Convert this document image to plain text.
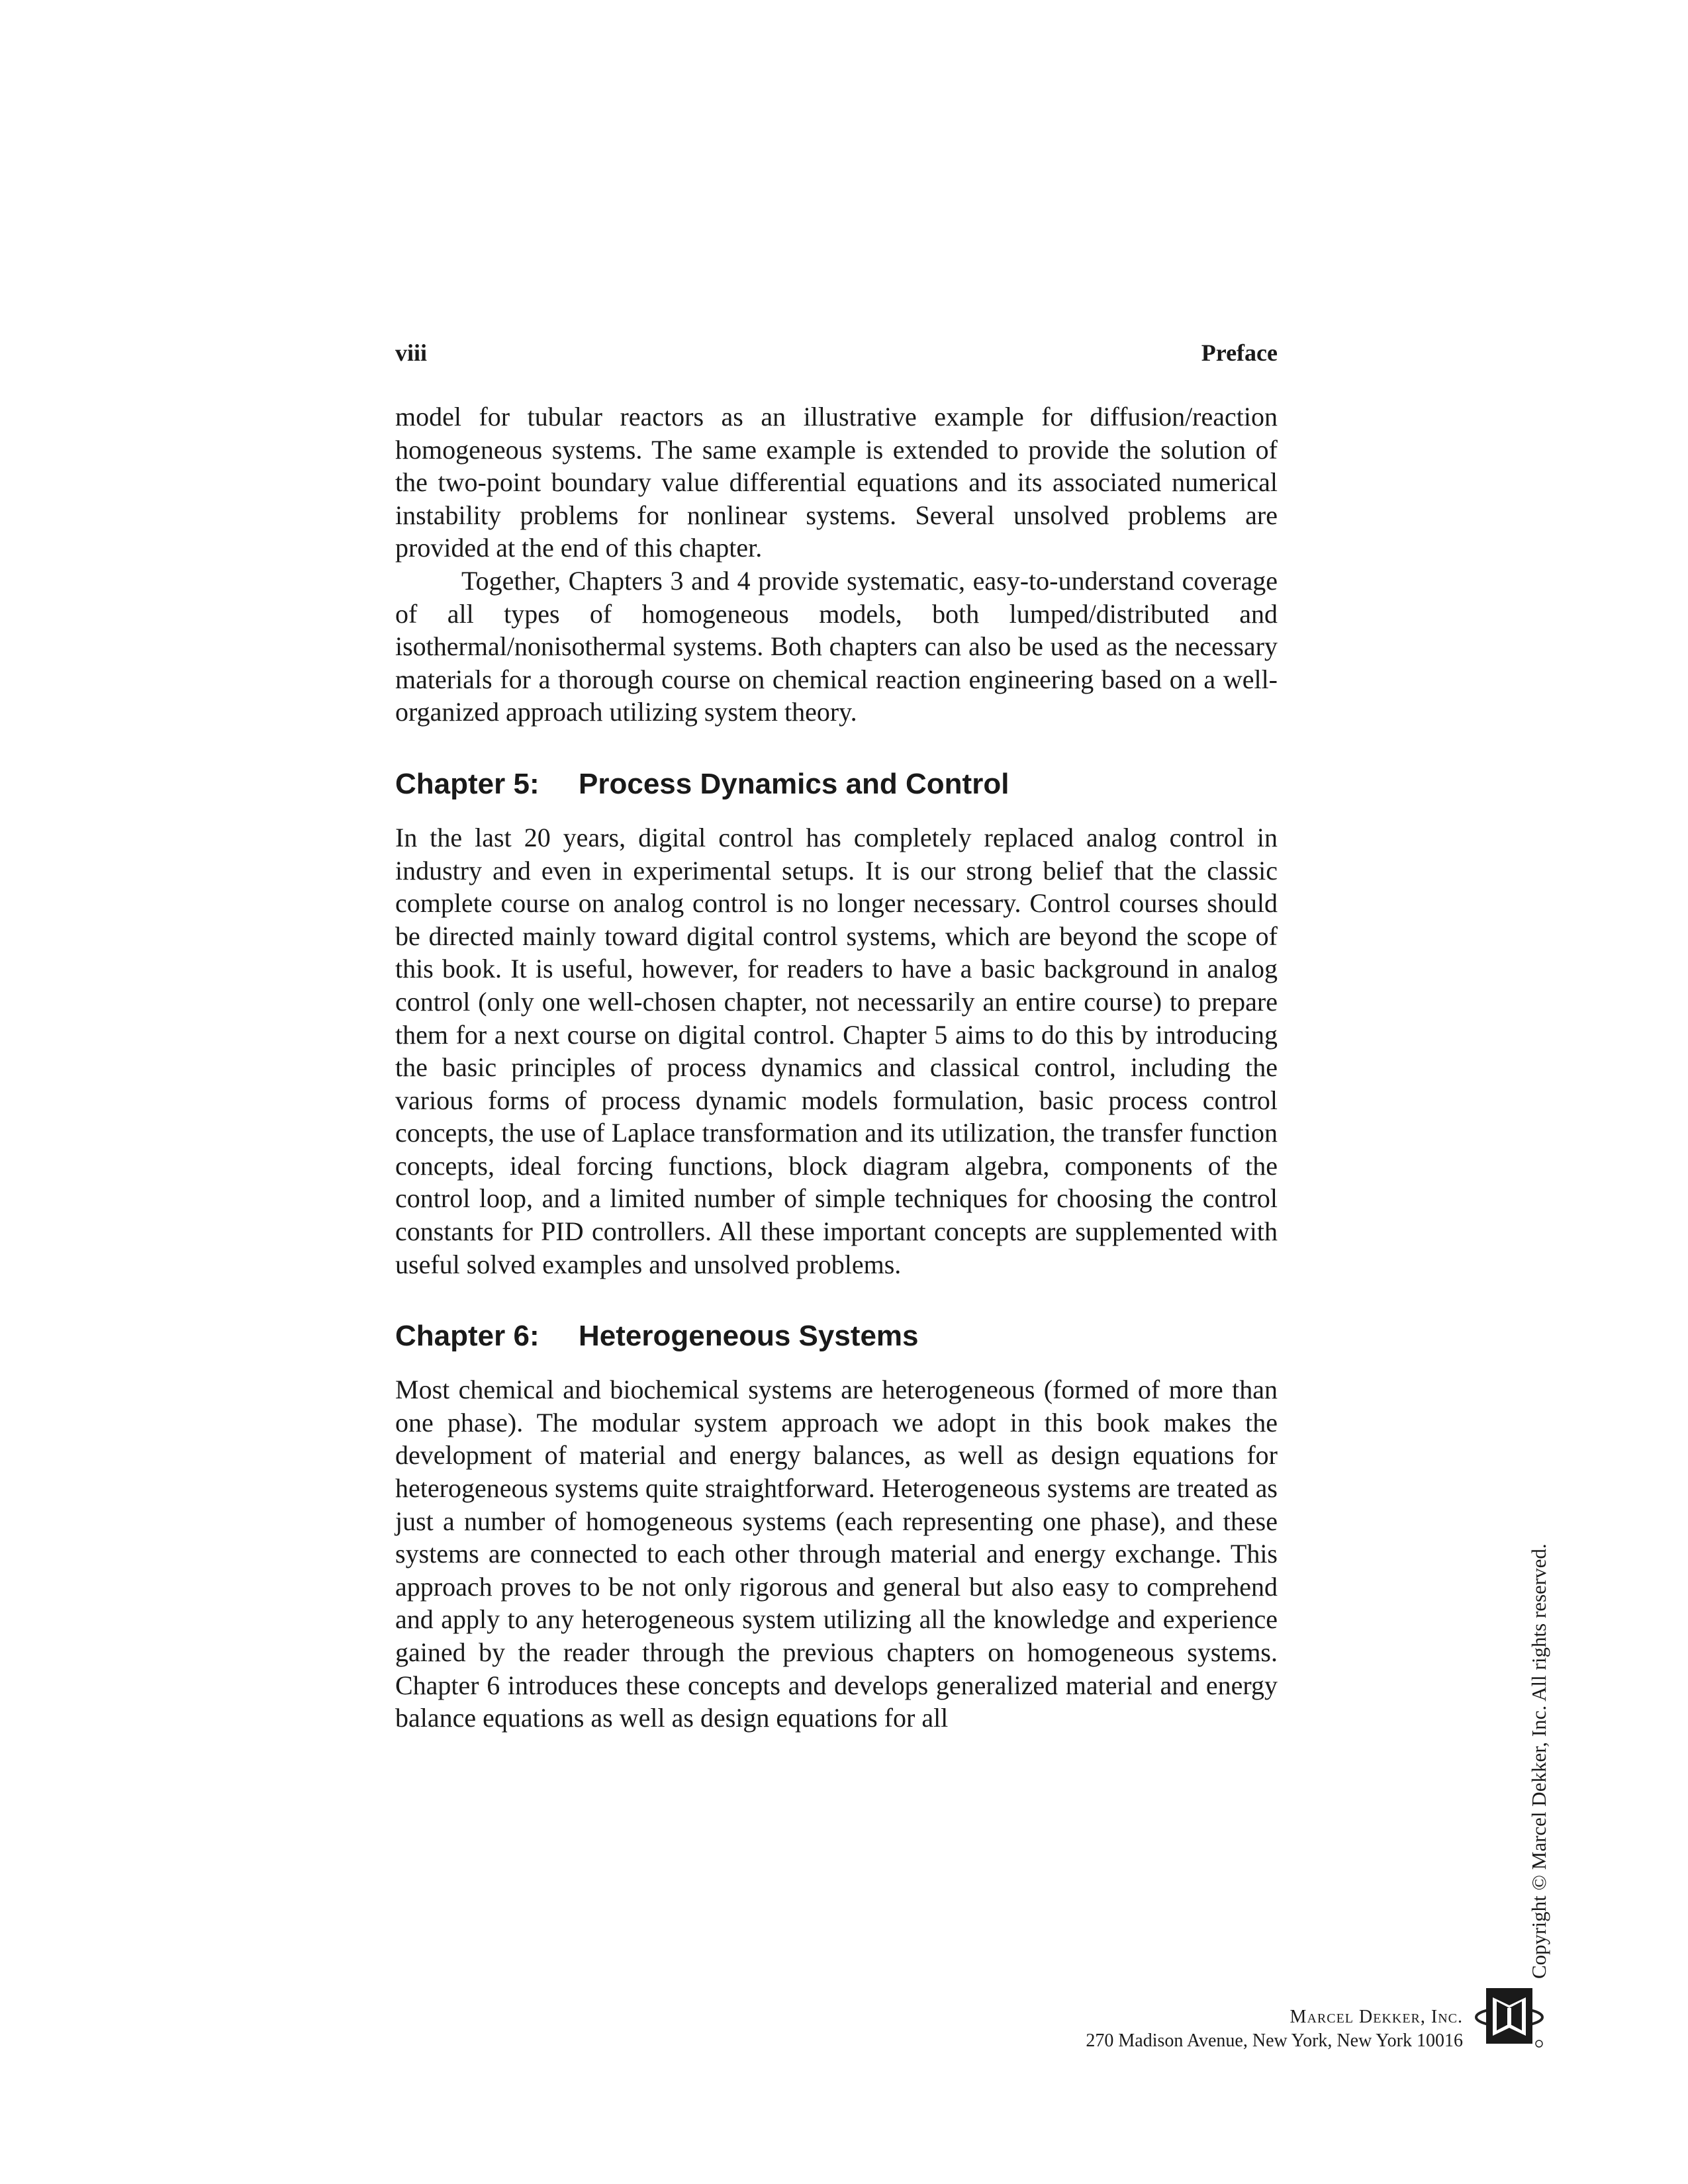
viii	Preface

model for tubular reactors as an illustrative example for diffusion/reaction homogeneous systems. The same example is extended to provide the solution of the two-point boundary value differential equations and its associated numerical instability problems for nonlinear systems. Several unsolved problems are provided at the end of this chapter.

Together, Chapters 3 and 4 provide systematic, easy-to-understand coverage of all types of homogeneous models, both lumped/distributed and isothermal/nonisothermal systems. Both chapters can also be used as the necessary materials for a thorough course on chemical reaction engineering based on a well-organized approach utilizing system theory.

Chapter 5: Process Dynamics and Control

In the last 20 years, digital control has completely replaced analog control in industry and even in experimental setups. It is our strong belief that the classic complete course on analog control is no longer necessary. Control courses should be directed mainly toward digital control systems, which are beyond the scope of this book. It is useful, however, for readers to have a basic background in analog control (only one well-chosen chapter, not necessarily an entire course) to prepare them for a next course on digital control. Chapter 5 aims to do this by introducing the basic principles of process dynamics and classical control, including the various forms of process dynamic models formulation, basic process control concepts, the use of Laplace transformation and its utilization, the transfer function concepts, ideal forcing functions, block diagram algebra, components of the control loop, and a limited number of simple techniques for choosing the control constants for PID controllers. All these important concepts are supplemented with useful solved examples and unsolved problems.

Chapter 6: Heterogeneous Systems

Most chemical and biochemical systems are heterogeneous (formed of more than one phase). The modular system approach we adopt in this book makes the development of material and energy balances, as well as design equations for heterogeneous systems quite straightforward. Heterogeneous systems are treated as just a number of homogeneous systems (each representing one phase), and these systems are connected to each other through material and energy exchange. This approach proves to be not only rigorous and general but also easy to comprehend and apply to any heterogeneous system utilizing all the knowledge and experience gained by the reader through the previous chapters on homogeneous systems. Chapter 6 introduces these concepts and develops generalized material and energy balance equations as well as design equations for all	Copyright © Marcel Dekker, Inc. All rights reserved.
Marcel Dekker, Inc.
270 Madison Avenue, New York, New York 10016
